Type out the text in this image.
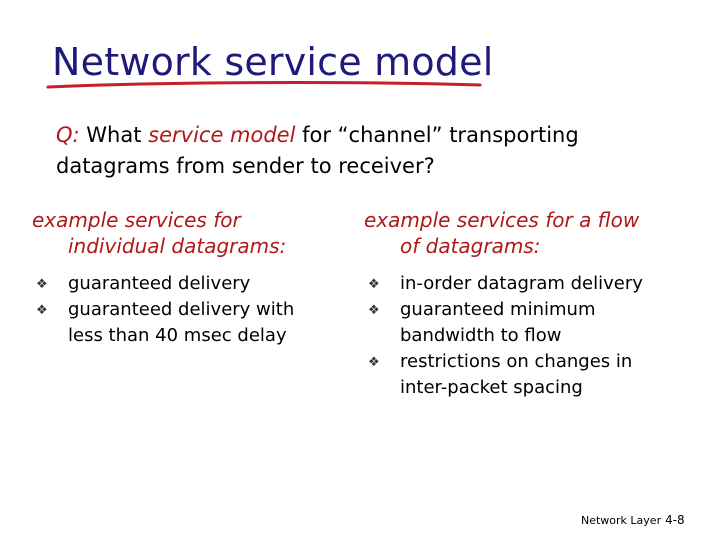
Network service model
Q: What service model for “channel” transporting datagrams from sender to receiver?
example services for
individual datagrams:
❖ guaranteed delivery
❖ guaranteed delivery with less than 40 msec delay
example services for a flow
of datagrams:
❖ in-order datagram delivery
❖ guaranteed minimum bandwidth to flow
❖ restrictions on changes in inter-packet spacing
Network Layer 4-8
